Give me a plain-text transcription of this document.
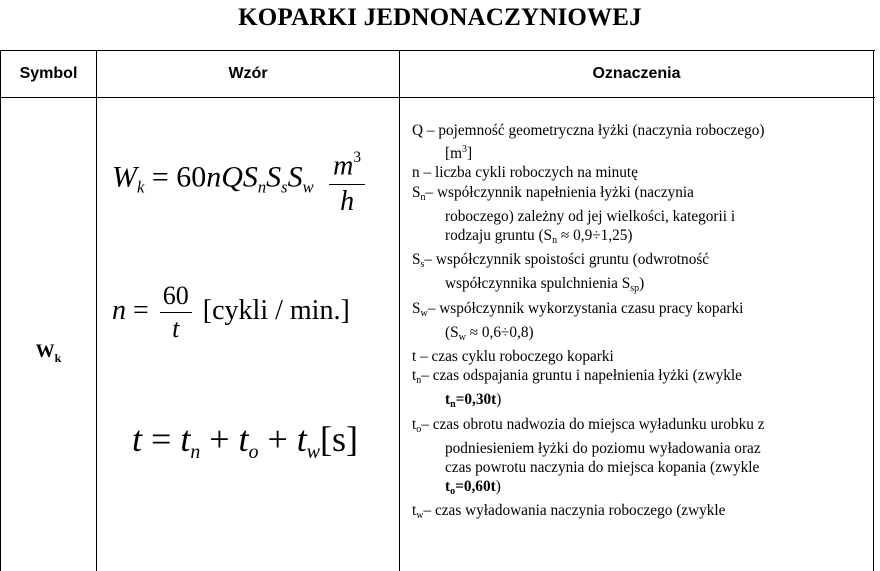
KOPARKI JEDNONACZYNIOWEJ
Symbol	Wzór	Oznaczenia
$W_k$
$W_k = 60nQS_nS_sS_w \frac{m^3}{h}$
$n = \frac{60}{t}$ [cykli / min.]
$t = t_n + t_o + t_w[s]$
Q – pojemność geometryczna łyżki (naczynia roboczego)
$[m^3]$
n – liczba cykli roboczych na minutę
Sn– współczynnik napełnienia łyżki (naczynia
roboczego) zależny od jej wielkości, kategorii i
rodzaju gruntu (Sn ≈ 0,9÷1,25)
Ss– współczynnik spoistości gruntu (odwrotność
współczynnika spulchnienia Ssp)
Sw– współczynnik wykorzystania czasu pracy koparki
(Sw ≈ 0,6÷0,8)
t – czas cyklu roboczego koparki
tn– czas odspajania gruntu i napełnienia łyżki (zwykle
tn=0,30t)
to– czas obrotu nadwozia do miejsca wyładunku urobku z
podniesieniem łyżki do poziomu wyładowania oraz
czas powrotu naczynia do miejsca kopania (zwykle
to=0,60t)
tw– czas wyładowania naczynia roboczego (zwykle
